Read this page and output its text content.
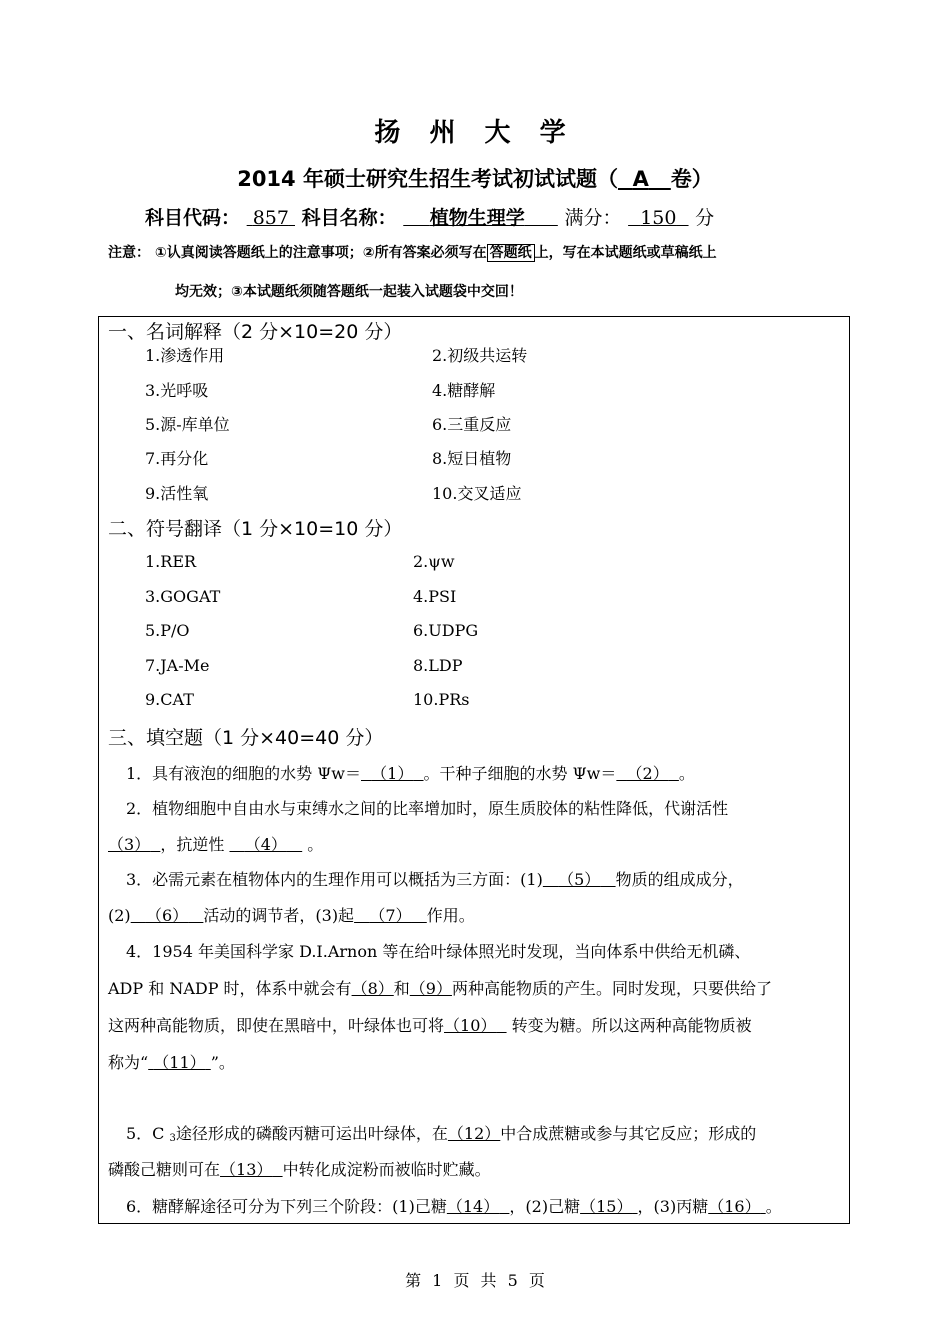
扬 州 大 学
2014 年硕士研究生招生考试初试试题（ A 卷）
科目代码： 857 科目名称： 植物生理学 满分： 150 分
注意： ①认真阅读答题纸上的注意事项；②所有答案必须写在 答题纸 上，写在本试题纸或草稿纸上
均无效；③本试题纸须随答题纸一起装入试题袋中交回！
一、名词解释（2 分×10=20 分）
1.渗透作用	2.初级共运转
3.光呼吸	4.糖酵解
5.源-库单位	6.三重反应
7.再分化	8.短日植物
9.活性氧	10.交叉适应
二、符号翻译（1 分×10=10 分）
1.RER	2.ψw
3.GOGAT	4.PSI
5.P/O	6.UDPG
7.JA-Me	8.LDP
9.CAT	10.PRs
三、填空题（1 分×40=40 分）
1．具有液泡的细胞的水势 Ψw＝ （1） 。干种子细胞的水势 Ψw＝ （2） 。
2．植物细胞中自由水与束缚水之间的比率增加时，原生质胶体的粘性降低，代谢活性
（3） ，抗逆性 （4） 。
3．必需元素在植物体内的生理作用可以概括为三方面：(1) （5） 物质的组成成分，
(2) （6） 活动的调节者，(3)起 （7） 作用。
4．1954 年美国科学家 D.I.Arnon 等在给叶绿体照光时发现，当向体系中供给无机磷、
ADP 和 NADP 时，体系中就会有（8）和（9）两种高能物质的产生。同时发现，只要供给了
这两种高能物质，即使在黑暗中，叶绿体也可将（10） 转变为糖。所以这两种高能物质被
称为“ （11） ”。
5．C $_3$途径形成的磷酸丙糖可运出叶绿体，在（12）中合成蔗糖或参与其它反应；形成的
磷酸己糖则可在（13） 中转化成淀粉而被临时贮藏。
6．糖酵解途径可分为下列三个阶段：(1)己糖（14） ，(2)己糖（15） ，(3)丙糖（16） 。
第 1 页 共 5 页
